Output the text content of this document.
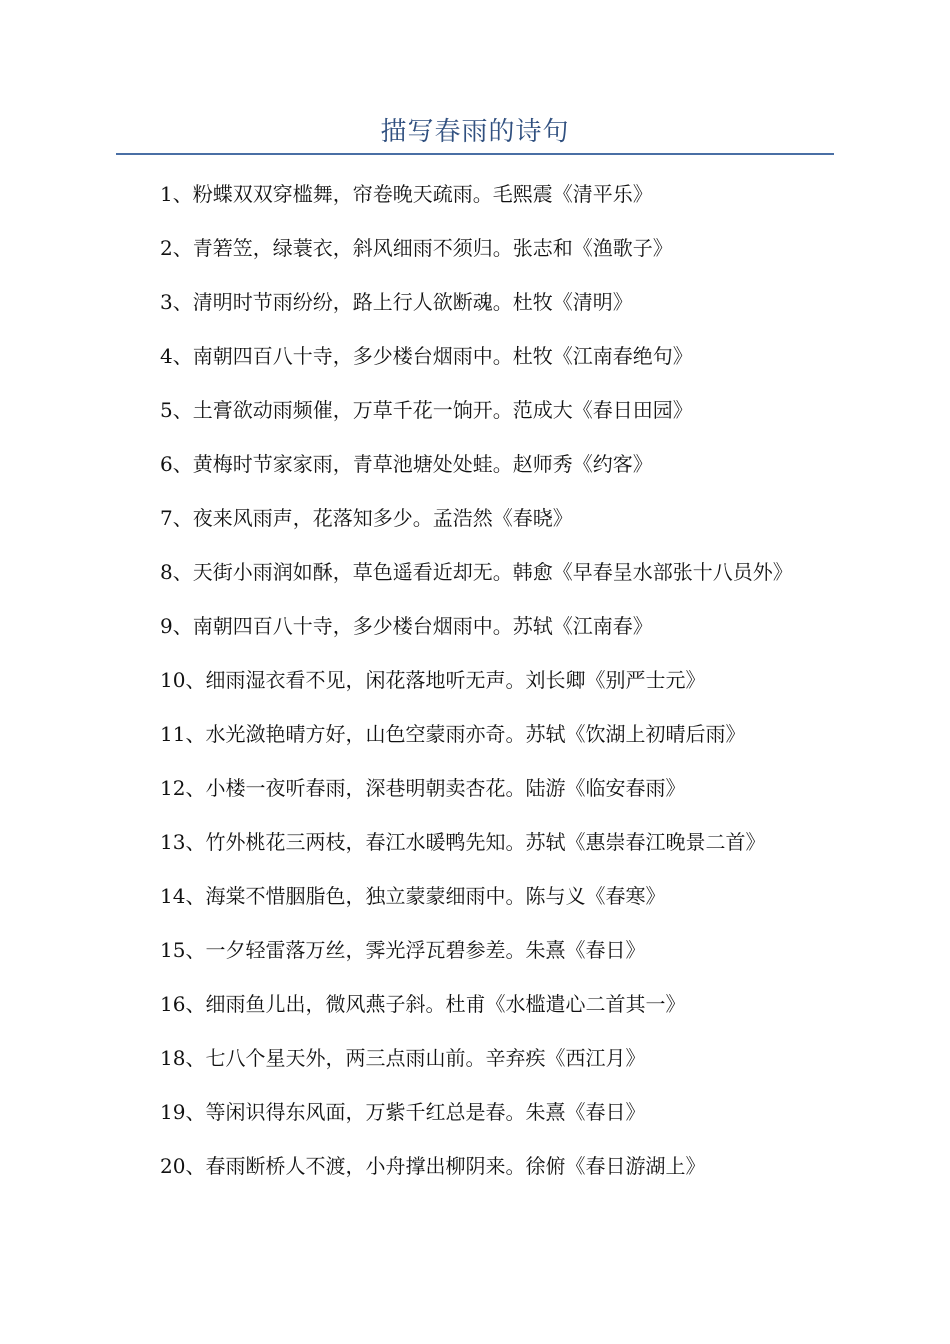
描写春雨的诗句
1、粉蝶双双穿槛舞，帘卷晚天疏雨。毛熙震《清平乐》
2、青箬笠，绿蓑衣，斜风细雨不须归。张志和《渔歌子》
3、清明时节雨纷纷，路上行人欲断魂。杜牧《清明》
4、南朝四百八十寺，多少楼台烟雨中。杜牧《江南春绝句》
5、土膏欲动雨频催，万草千花一饷开。范成大《春日田园》
6、黄梅时节家家雨，青草池塘处处蛙。赵师秀《约客》
7、夜来风雨声，花落知多少。孟浩然《春晓》
8、天街小雨润如酥，草色遥看近却无。韩愈《早春呈水部张十八员外》
9、南朝四百八十寺，多少楼台烟雨中。苏轼《江南春》
10、细雨湿衣看不见，闲花落地听无声。刘长卿《别严士元》
11、水光潋艳晴方好，山色空蒙雨亦奇。苏轼《饮湖上初晴后雨》
12、小楼一夜听春雨，深巷明朝卖杏花。陆游《临安春雨》
13、竹外桃花三两枝，春江水暖鸭先知。苏轼《惠崇春江晚景二首》
14、海棠不惜胭脂色，独立蒙蒙细雨中。陈与义《春寒》
15、一夕轻雷落万丝，霁光浮瓦碧参差。朱熹《春日》
16、细雨鱼儿出，微风燕子斜。杜甫《水槛遣心二首其一》
18、七八个星天外，两三点雨山前。辛弃疾《西江月》
19、等闲识得东风面，万紫千红总是春。朱熹《春日》
20、春雨断桥人不渡，小舟撑出柳阴来。徐俯《春日游湖上》
